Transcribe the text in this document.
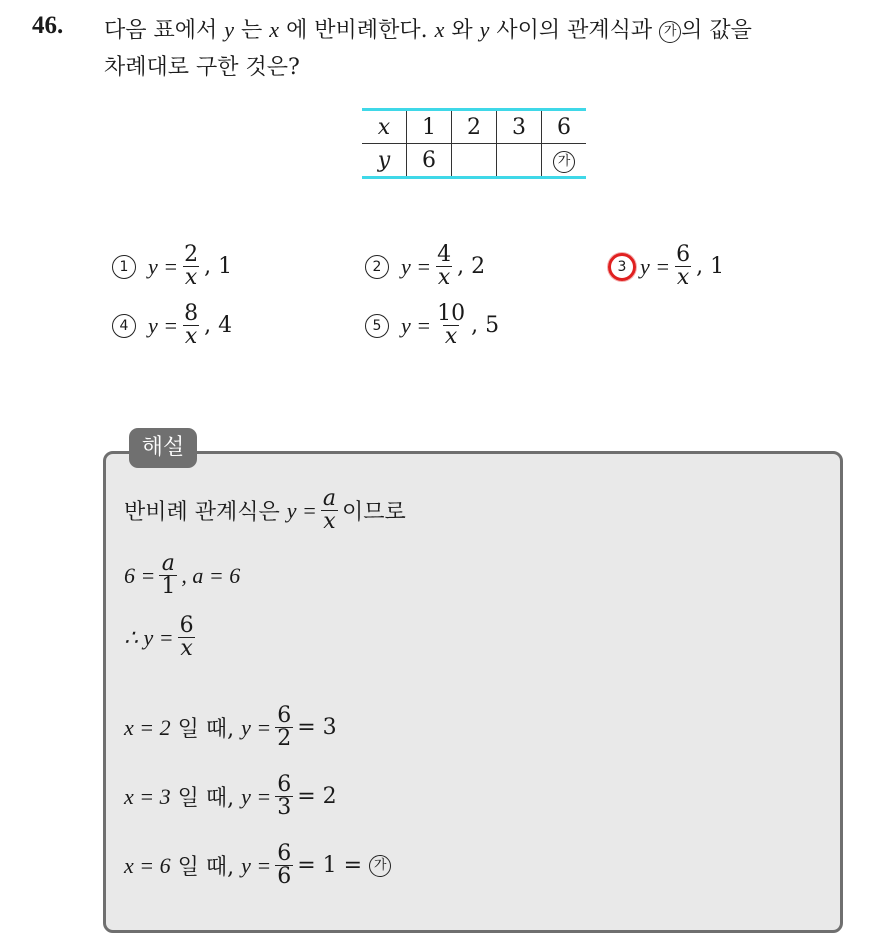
46. 다음 표에서 y 는 x 에 반비례한다. x 와 y 사이의 관계식과 가 의 값을
차례대로 구한 것은?
x	1	2	3	6
y	6			가
1 $y = \frac{2}{x}$ , 1	2 $y = \frac{4}{x}$ , 2	3 $y = \frac{6}{x}$ , 1
4 $y = \frac{8}{x}$ , 4	5 $y = \frac{10}{x}$ , 5
해설
반비례 관계식은
$y = \frac{a}{x}$ 이므로
$6 = \frac{a}{1}$ , a = 6
∴ $y = \frac{6}{x}$
x = 2
일 때,
$y = \frac{6}{2} = 3$
x = 3
일 때,
$y = \frac{6}{3} = 2$
x = 6
일 때,
$y = \frac{6}{6} = 1$ =
가
